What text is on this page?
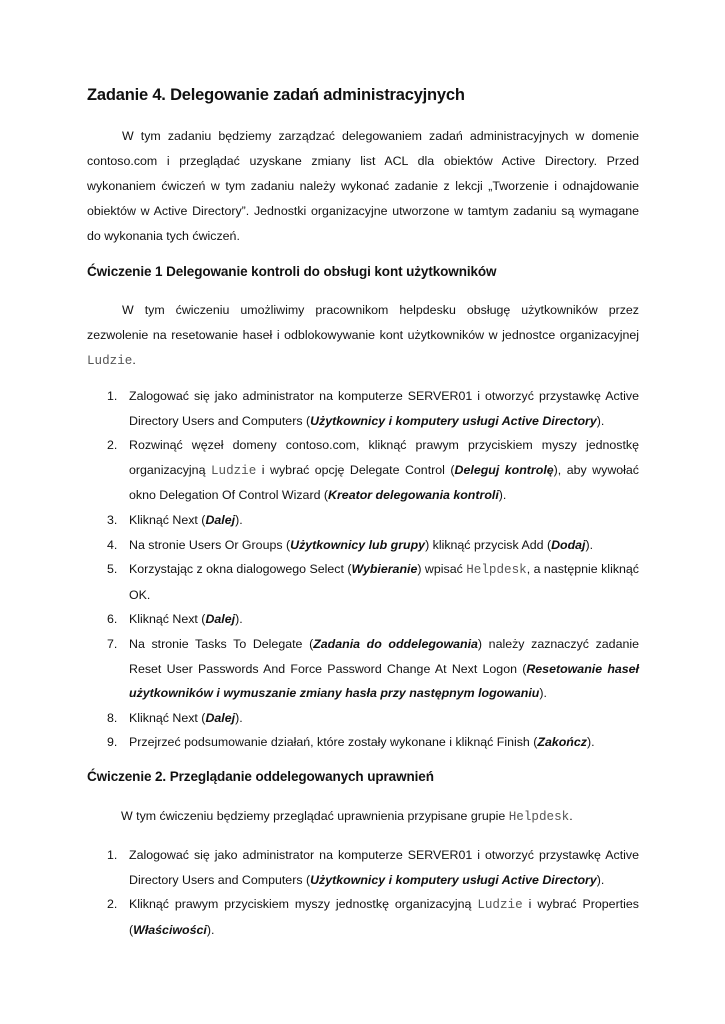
Zadanie 4. Delegowanie zadań administracyjnych
W tym zadaniu będziemy zarządzać delegowaniem zadań administracyjnych w domenie contoso.com i przeglądać uzyskane zmiany list ACL dla obiektów Active Directory. Przed wykonaniem ćwiczeń w tym zadaniu należy wykonać zadanie z lekcji „Tworzenie i odnajdowanie obiektów w Active Directory”. Jednostki organizacyjne utworzone w tamtym zadaniu są wymagane do wykonania tych ćwiczeń.
Ćwiczenie 1 Delegowanie kontroli do obsługi kont użytkowników
W tym ćwiczeniu umożliwimy pracownikom helpdesku obsługę użytkowników przez zezwolenie na resetowanie haseł i odblokowywanie kont użytkowników w jednostce organizacyjnej Ludzie.
1. Zalogować się jako administrator na komputerze SERVER01 i otworzyć przystawkę Active Directory Users and Computers (Użytkownicy i komputery usługi Active Directory).
2. Rozwinąć węzeł domeny contoso.com, kliknąć prawym przyciskiem myszy jednostkę organizacyjną Ludzie i wybrać opcję Delegate Control (Deleguj kontrolę), aby wywołać okno Delegation Of Control Wizard (Kreator delegowania kontroli).
3. Kliknąć Next (Dalej).
4. Na stronie Users Or Groups (Użytkownicy lub grupy) kliknąć przycisk Add (Dodaj).
5. Korzystając z okna dialogowego Select (Wybieranie) wpisać Helpdesk, a następnie kliknąć OK.
6. Kliknąć Next (Dalej).
7. Na stronie Tasks To Delegate (Zadania do oddelegowania) należy zaznaczyć zadanie Reset User Passwords And Force Password Change At Next Logon (Resetowanie haseł użytkowników i wymuszanie zmiany hasła przy następnym logowaniu).
8. Kliknąć Next (Dalej).
9. Przejrzeć podsumowanie działań, które zostały wykonane i kliknąć Finish (Zakończ).
Ćwiczenie 2. Przeglądanie oddelegowanych uprawnień
W tym ćwiczeniu będziemy przeglądać uprawnienia przypisane grupie Helpdesk.
1. Zalogować się jako administrator na komputerze SERVER01 i otworzyć przystawkę Active Directory Users and Computers (Użytkownicy i komputery usługi Active Directory).
2. Kliknąć prawym przyciskiem myszy jednostkę organizacyjną Ludzie i wybrać Properties (Właściwości).
